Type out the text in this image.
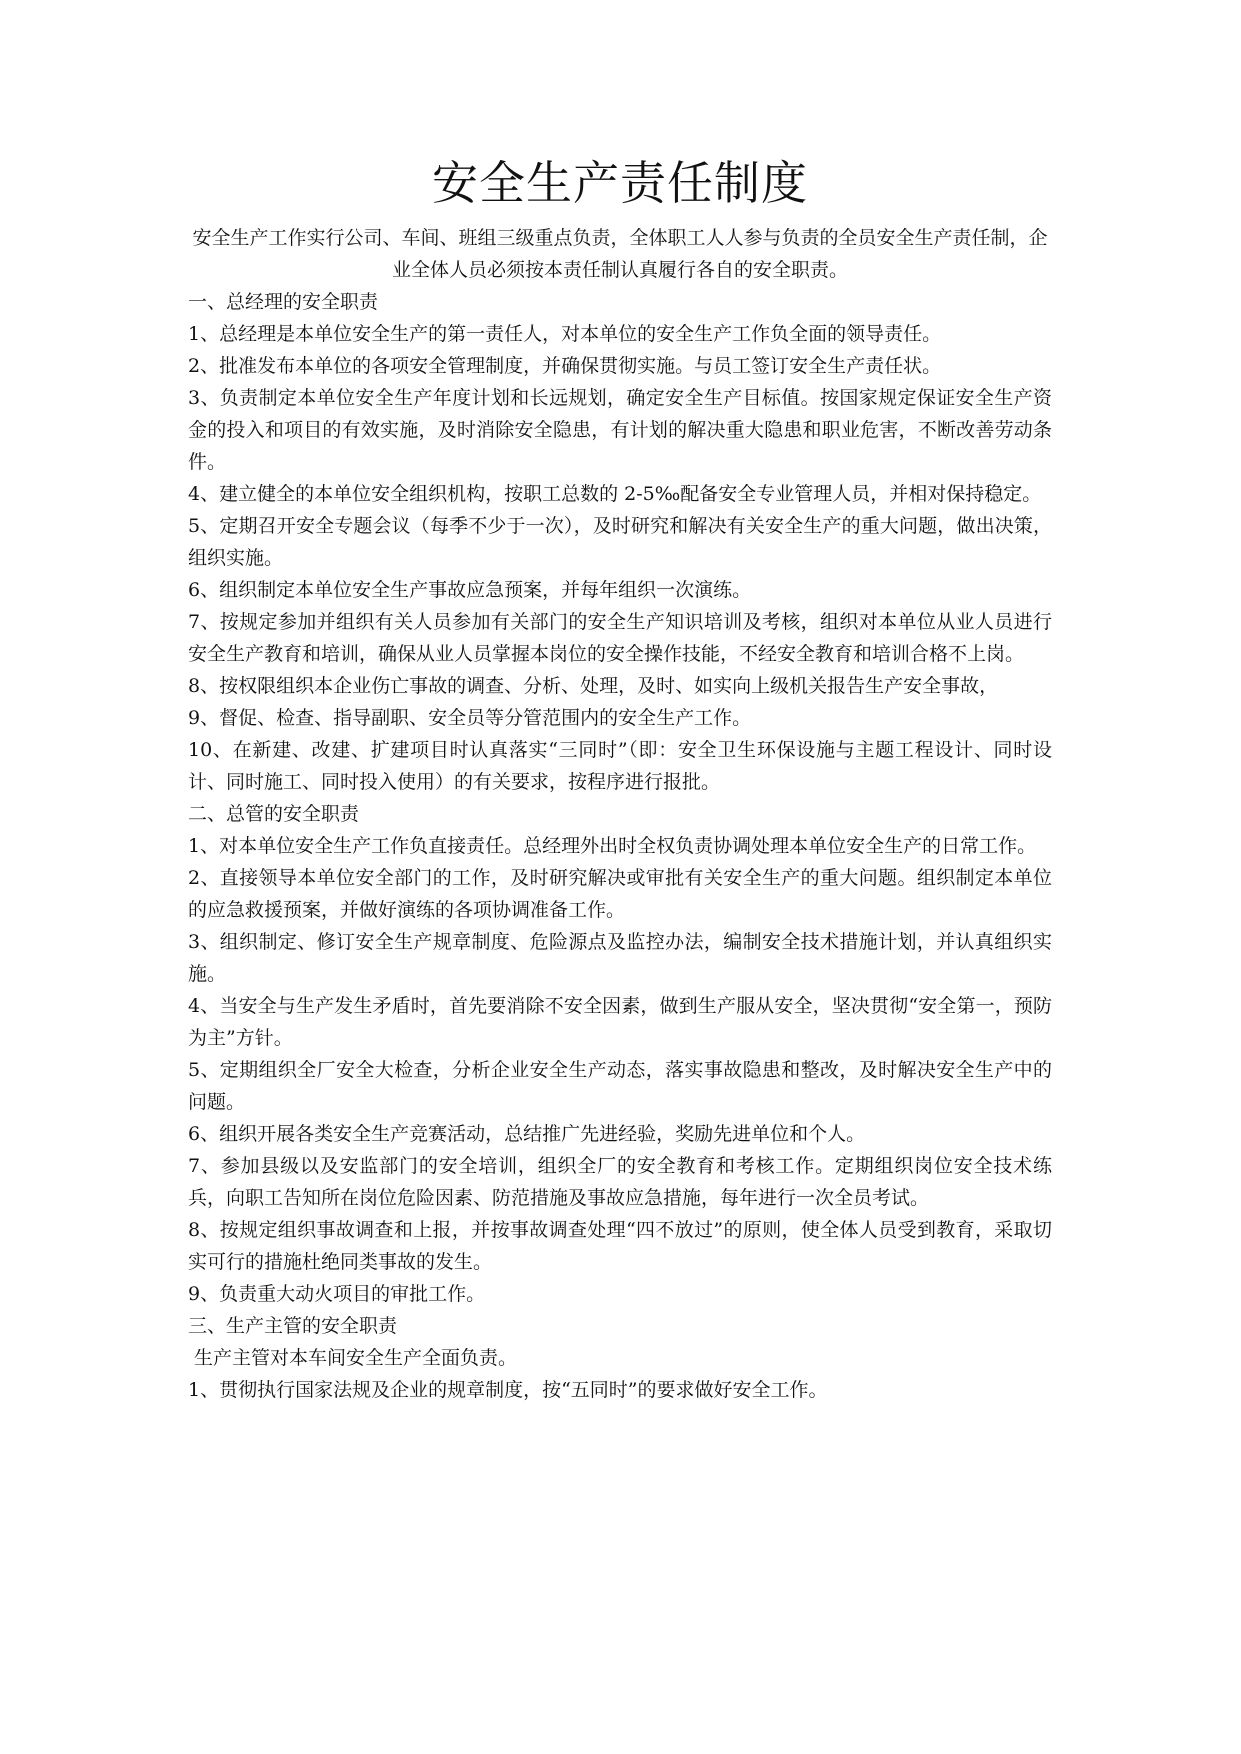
安全生产责任制度

安全生产工作实行公司、车间、班组三级重点负责，全体职工人人参与负责的全员安全生产责任制，企业全体人员必须按本责任制认真履行各自的安全职责。

一、总经理的安全职责

1、总经理是本单位安全生产的第一责任人，对本单位的安全生产工作负全面的领导责任。

2、批准发布本单位的各项安全管理制度，并确保贯彻实施。与员工签订安全生产责任状。

3、负责制定本单位安全生产年度计划和长远规划，确定安全生产目标值。按国家规定保证安全生产资金的投入和项目的有效实施，及时消除安全隐患，有计划的解决重大隐患和职业危害，不断改善劳动条件。

4、建立健全的本单位安全组织机构，按职工总数的 2-5‰配备安全专业管理人员，并相对保持稳定。

5、定期召开安全专题会议（每季不少于一次），及时研究和解决有关安全生产的重大问题，做出决策，组织实施。

6、组织制定本单位安全生产事故应急预案，并每年组织一次演练。

7、按规定参加并组织有关人员参加有关部门的安全生产知识培训及考核，组织对本单位从业人员进行安全生产教育和培训，确保从业人员掌握本岗位的安全操作技能，不经安全教育和培训合格不上岗。

8、按权限组织本企业伤亡事故的调查、分析、处理，及时、如实向上级机关报告生产安全事故，

9、督促、检查、指导副职、安全员等分管范围内的安全生产工作。

10、在新建、改建、扩建项目时认真落实“三同时”（即：安全卫生环保设施与主题工程设计、同时设计、同时施工、同时投入使用）的有关要求，按程序进行报批。

二、总管的安全职责

1、对本单位安全生产工作负直接责任。总经理外出时全权负责协调处理本单位安全生产的日常工作。

2、直接领导本单位安全部门的工作，及时研究解决或审批有关安全生产的重大问题。组织制定本单位的应急救援预案，并做好演练的各项协调准备工作。

3、组织制定、修订安全生产规章制度、危险源点及监控办法，编制安全技术措施计划，并认真组织实施。

4、当安全与生产发生矛盾时，首先要消除不安全因素，做到生产服从安全，坚决贯彻“安全第一，预防为主”方针。

5、定期组织全厂安全大检查，分析企业安全生产动态，落实事故隐患和整改，及时解决安全生产中的问题。

6、组织开展各类安全生产竞赛活动，总结推广先进经验，奖励先进单位和个人。

7、参加县级以及安监部门的安全培训，组织全厂的安全教育和考核工作。定期组织岗位安全技术练兵，向职工告知所在岗位危险因素、防范措施及事故应急措施，每年进行一次全员考试。

8、按规定组织事故调查和上报，并按事故调查处理“四不放过”的原则，使全体人员受到教育，采取切实可行的措施杜绝同类事故的发生。

9、负责重大动火项目的审批工作。

三、生产主管的安全职责

生产主管对本车间安全生产全面负责。

1、贯彻执行国家法规及企业的规章制度，按“五同时”的要求做好安全工作。
